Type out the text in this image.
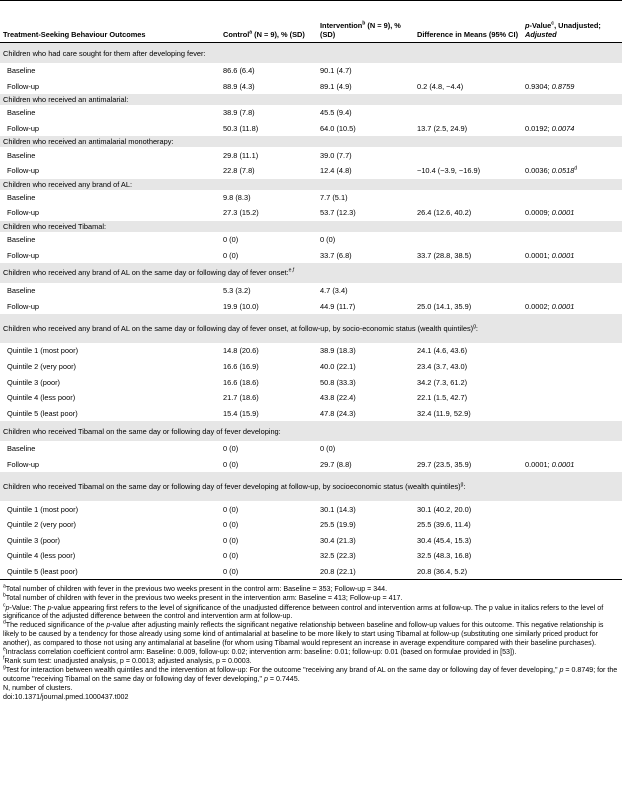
Treatment-Seeking Behaviour Outcomes	Control$^a$ (N = 9), % (SD)	Intervention$^b$ (N = 9), % (SD)	Difference in Means (95% CI)	p-Value$^c$, Unadjusted; Adjusted
Children who had care sought for them after developing fever:				
Baseline	86.6 (6.4)	90.1 (4.7)		
Follow-up	88.9 (4.3)	89.1 (4.9)	0.2 (4.8, −4.4)	0.9304; 0.8759
Children who received an antimalarial:				
Baseline	38.9 (7.8)	45.5 (9.4)		
Follow-up	50.3 (11.8)	64.0 (10.5)	13.7 (2.5, 24.9)	0.0192; 0.0074
Children who received an antimalarial monotherapy:				
Baseline	29.8 (11.1)	39.0 (7.7)		
Follow-up	22.8 (7.8)	12.4 (4.8)	−10.4 (−3.9, −16.9)	0.0036; 0.0518$^d$
Children who received any brand of AL:				
Baseline	9.8 (8.3)	7.7 (5.1)		
Follow-up	27.3 (15.2)	53.7 (12.3)	26.4 (12.6, 40.2)	0.0009; 0.0001
Children who received Tibamal:				
Baseline	0 (0)	0 (0)		
Follow-up	0 (0)	33.7 (6.8)	33.7 (28.8, 38.5)	0.0001; 0.0001
Children who received any brand of AL on the same day or following day of fever onset:$^{e,f}$
Baseline	5.3 (3.2)	4.7 (3.4)		
Follow-up	19.9 (10.0)	44.9 (11.7)	25.0 (14.1, 35.9)	0.0002; 0.0001
Children who received any brand of AL on the same day or following day of fever onset, at follow-up, by socio-economic status (wealth quintiles)$^g$:				
Quintile 1 (most poor)	14.8 (20.6)	38.9 (18.3)	24.1 (4.6, 43.6)	
Quintile 2 (very poor)	16.6 (16.9)	40.0 (22.1)	23.4 (3.7, 43.0)	
Quintile 3 (poor)	16.6 (18.6)	50.8 (33.3)	34.2 (7.3, 61.2)	
Quintile 4 (less poor)	21.7 (18.6)	43.8 (22.4)	22.1 (1.5, 42.7)	
Quintile 5 (least poor)	15.4 (15.9)	47.8 (24.3)	32.4 (11.9, 52.9)	
Children who received Tibamal on the same day or following day of fever developing:				
Baseline	0 (0)	0 (0)		
Follow-up	0 (0)	29.7 (8.8)	29.7 (23.5, 35.9)	0.0001; 0.0001
Children who received Tibamal on the same day or following day of fever developing at follow-up, by socioeconomic status (wealth quintiles)$^g$:				
Quintile 1 (most poor)	0 (0)	30.1 (14.3)	30.1 (40.2, 20.0)	
Quintile 2 (very poor)	0 (0)	25.5 (19.9)	25.5 (39.6, 11.4)	
Quintile 3 (poor)	0 (0)	30.4 (21.3)	30.4 (45.4, 15.3)	
Quintile 4 (less poor)	0 (0)	32.5 (22.3)	32.5 (48.3, 16.8)	
Quintile 5 (least poor)	0 (0)	20.8 (22.1)	20.8 (36.4, 5.2)	

$^a$Total number of children with fever in the previous two weeks present in the control arm: Baseline = 353; Follow-up = 344.

$^b$Total number of children with fever in the previous two weeks present in the intervention arm: Baseline = 413; Follow-up = 417.

$^c$p-Value: The p-value appearing first refers to the level of significance of the unadjusted difference between control and intervention arms at follow-up. The p value in italics refers to the level of significance of the adjusted difference between the control and intervention arm at follow-up.

$^d$The reduced significance of the p-value after adjusting mainly reflects the significant negative relationship between baseline and follow-up values for this outcome. This negative relationship is likely to be caused by a tendency for those already using some kind of antimalarial at baseline to be more likely to start using Tibamal at follow-up (substituting one similarly priced product for another), as compared to those not using any antimalarial at baseline (for whom using Tibamal would represent an increase in average expenditure compared with their baseline purchases).

$^e$Intraclass correlation coefficient control arm: Baseline: 0.009, follow-up: 0.02; intervention arm: baseline: 0.01; follow-up: 0.01 (based on formulae provided in [53]).

$^f$Rank sum test: unadjusted analysis, p = 0.0013; adjusted analysis, p = 0.0003.

$^g$Test for interaction between wealth quintiles and the intervention at follow-up: For the outcome "receiving any brand of AL on the same day or following day of fever developing," p = 0.8749; for the outcome "receiving Tibamal on the same day or following day of fever developing," p = 0.7445.

N, number of clusters.

doi:10.1371/journal.pmed.1000437.t002
